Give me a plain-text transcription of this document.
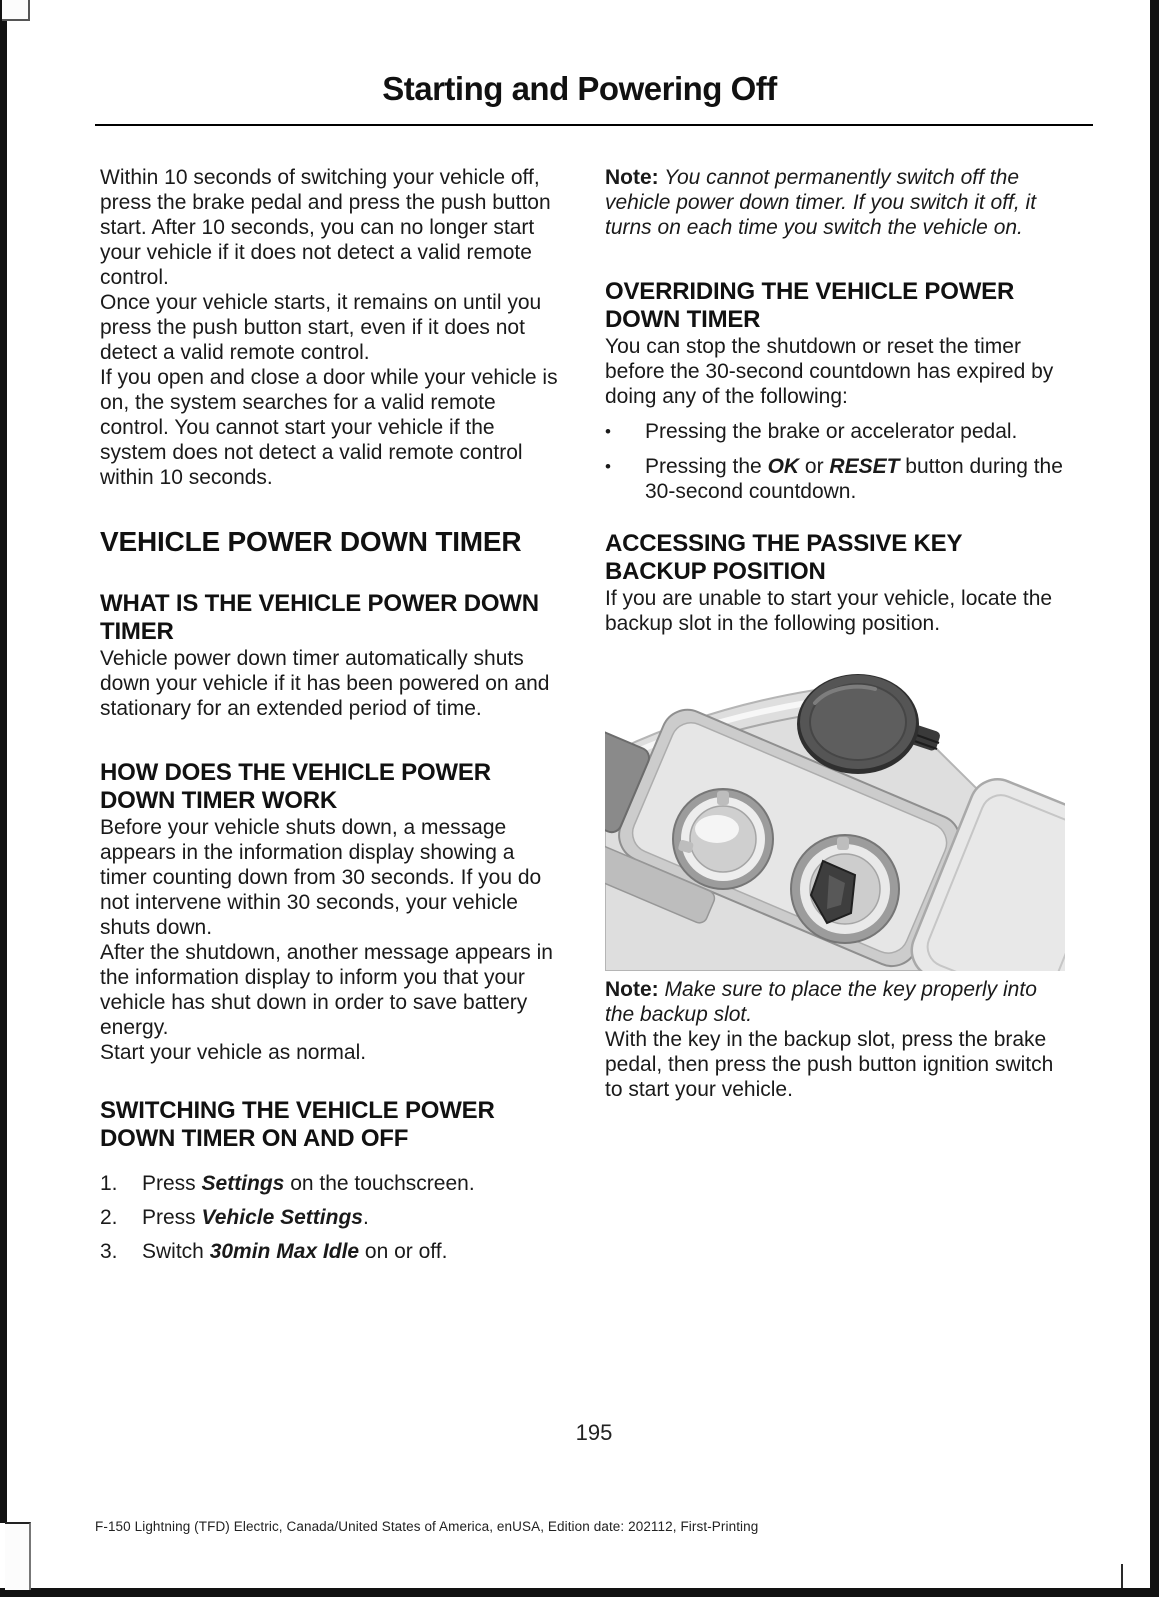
Starting and Powering Off

Within 10 seconds of switching your vehicle off, press the brake pedal and press the push button start. After 10 seconds, you can no longer start your vehicle if it does not detect a valid remote control.

Once your vehicle starts, it remains on until you press the push button start, even if it does not detect a valid remote control.

If you open and close a door while your vehicle is on, the system searches for a valid remote control. You cannot start your vehicle if the system does not detect a valid remote control within 10 seconds.

VEHICLE POWER DOWN TIMER
WHAT IS THE VEHICLE POWER DOWN TIMER

Vehicle power down timer automatically shuts down your vehicle if it has been powered on and stationary for an extended period of time.

HOW DOES THE VEHICLE POWER DOWN TIMER WORK

Before your vehicle shuts down, a message appears in the information display showing a timer counting down from 30 seconds. If you do not intervene within 30 seconds, your vehicle shuts down.

After the shutdown, another message appears in the information display to inform you that your vehicle has shut down in order to save battery energy.

Start your vehicle as normal.

SWITCHING THE VEHICLE POWER DOWN TIMER ON AND OFF
1.	Press Settings on the touchscreen.
2.	Press Vehicle Settings.
3.	Switch 30min Max Idle on or off.

Note: You cannot permanently switch off the vehicle power down timer. If you switch it off, it turns on each time you switch the vehicle on.

OVERRIDING THE VEHICLE POWER DOWN TIMER

You can stop the shutdown or reset the timer before the 30-second countdown has expired by doing any of the following:

•	Pressing the brake or accelerator pedal.
•	Pressing the OK or RESET button during the 30-second countdown.
ACCESSING THE PASSIVE KEY BACKUP POSITION

If you are unable to start your vehicle, locate the backup slot in the following position.

Note: Make sure to place the key properly into the backup slot.

With the key in the backup slot, press the brake pedal, then press the push button ignition switch to start your vehicle.

195
F-150 Lightning (TFD) Electric, Canada/United States of America, enUSA, Edition date: 202112, First-Printing
